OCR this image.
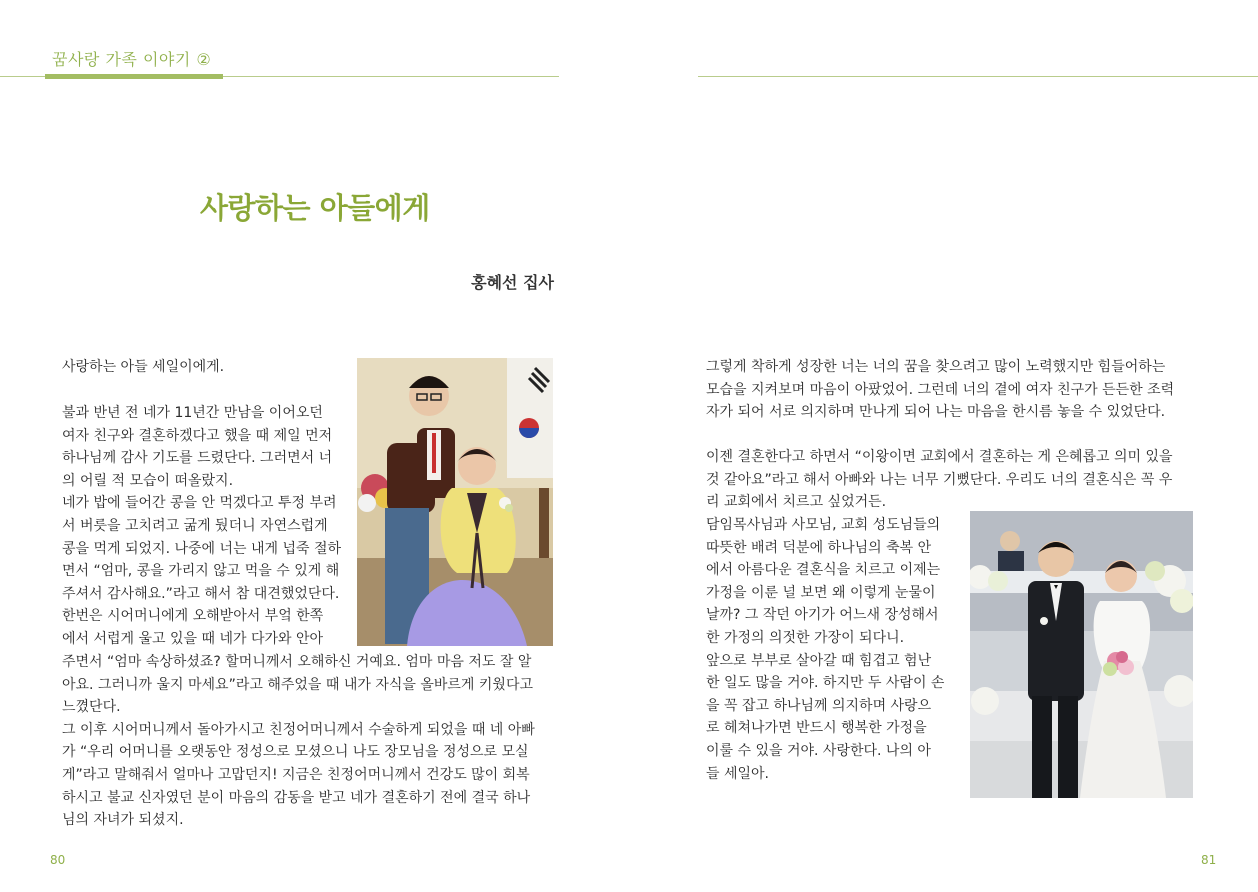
꿈사랑 가족 이야기 ②
사랑하는 아들에게
홍혜선 집사

사랑하는 아들 세일이에게.

불과 반년 전 네가 11년간 만남을 이어오던

여자 친구와 결혼하겠다고 했을 때 제일 먼저

하나님께 감사 기도를 드렸단다. 그러면서 너

의 어릴 적 모습이 떠올랐지.

네가 밥에 들어간 콩을 안 먹겠다고 투정 부려

서 버릇을 고치려고 굶게 뒀더니 자연스럽게

콩을 먹게 되었지. 나중에 너는 내게 넙죽 절하

면서 “엄마, 콩을 가리지 않고 먹을 수 있게 해

주셔서 감사해요.”라고 해서 참 대견했었단다.

한번은 시어머니에게 오해받아서 부엌 한쪽

에서 서럽게 울고 있을 때 네가 다가와 안아

주면서 “엄마 속상하셨죠? 할머니께서 오해하신 거예요. 엄마 마음 저도 잘 알

아요. 그러니까 울지 마세요”라고 해주었을 때 내가 자식을 올바르게 키웠다고

느꼈단다.

그 이후 시어머니께서 돌아가시고 친정어머니께서 수술하게 되었을 때 네 아빠

가 “우리 어머니를 오랫동안 정성으로 모셨으니 나도 장모님을 정성으로 모실

게”라고 말해줘서 얼마나 고맙던지! 지금은 친정어머니께서 건강도 많이 회복

하시고 불교 신자였던 분이 마음의 감동을 받고 네가 결혼하기 전에 결국 하나

님의 자녀가 되셨지.

그렇게 착하게 성장한 너는 너의 꿈을 찾으려고 많이 노력했지만 힘들어하는

모습을 지켜보며 마음이 아팠었어. 그런데 너의 곁에 여자 친구가 든든한 조력

자가 되어 서로 의지하며 만나게 되어 나는 마음을 한시름 놓을 수 있었단다.

이젠 결혼한다고 하면서 “이왕이면 교회에서 결혼하는 게 은혜롭고 의미 있을

것 같아요”라고 해서 아빠와 나는 너무 기뻤단다. 우리도 너의 결혼식은 꼭 우

리 교회에서 치르고 싶었거든.

담임목사님과 사모님, 교회 성도님들의

따뜻한 배려 덕분에 하나님의 축복 안

에서 아름다운 결혼식을 치르고 이제는

가정을 이룬 널 보면 왜 이렇게 눈물이

날까? 그 작던 아기가 어느새 장성해서

한 가정의 의젓한 가장이 되다니.

앞으로 부부로 살아갈 때 힘겹고 험난

한 일도 많을 거야. 하지만 두 사람이 손

을 꼭 잡고 하나님께 의지하며 사랑으

로 헤쳐나가면 반드시 행복한 가정을

이룰 수 있을 거야. 사랑한다. 나의 아

들 세일아.

80	81
